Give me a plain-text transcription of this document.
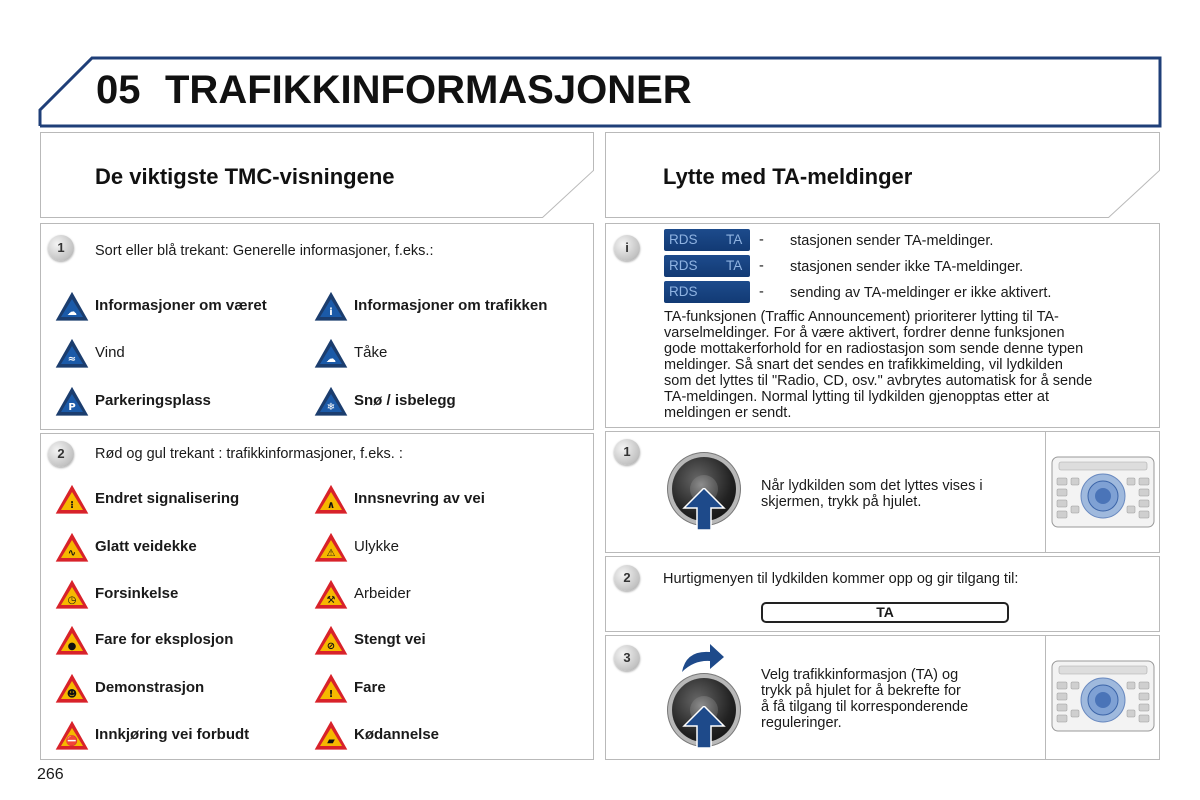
05 TRAFIKKINFORMASJONER
De viktigste TMC-visningene
1	Sort eller blå trekant: Generelle informasjoner, f.eks.:
☁ Informasjoner om været	i Informasjoner om trafikken
≈ Vind	☁ Tåke
P Parkeringsplass	❄ Snø / isbelegg
2	Rød og gul trekant : trafikkinformasjoner, f.eks. :
⁝ Endret signalisering	∧ Innsnevring av vei
∿ Glatt veidekke	⚠ Ulykke
◷ Forsinkelse	⚒ Arbeider
● Fare for eksplosjon	⊘ Stengt vei
☻ Demonstrasjon	! Fare
⛔ Innkjøring vei forbudt	▰ Kødannelse
Lytte med TA-meldinger
i
RDS TA - stasjonen sender TA-meldinger.
RDS TA - stasjonen sender ikke TA-meldinger.
RDS	- sending av TA-meldinger er ikke aktivert.
TA-funksjonen (Traffic Announcement) prioriterer lytting til TA-
varselmeldinger. For å være aktivert, fordrer denne funksjonen
gode mottakerforhold for en radiostasjon som sende denne typen
meldinger. Så snart det sendes en trafikkimelding, vil lydkilden
som det lyttes til "Radio, CD, osv." avbrytes automatisk for å sende
TA-meldingen. Normal lytting til lydkilden gjenopptas etter at
meldingen er sendt.
1
Når lydkilden som det lyttes vises i
skjermen, trykk på hjulet.
2	Hurtigmenyen til lydkilden kommer opp og gir tilgang til:
TA
3
Velg trafikkinformasjon (TA) og
trykk på hjulet for å bekrefte for
å få tilgang til korresponderende
reguleringer.
266
